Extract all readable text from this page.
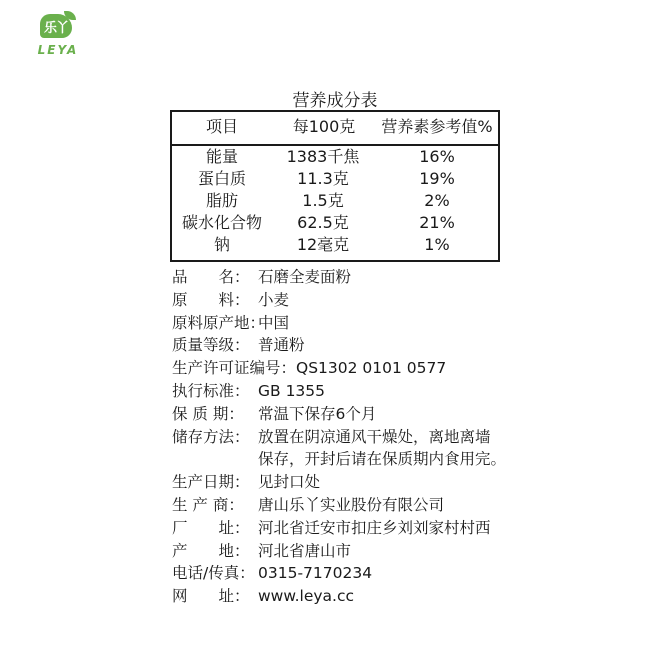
乐丫
LEYA
营养成分表
项目	每100克	营养素参考值%
能量	1383千焦	16%
蛋白质	11.3克	19%
脂肪	1.5克	2%
碳水化合物	62.5克	21%
钠	12毫克	1%
品　　名： 石磨全麦面粉
原　　料： 小麦
原料原产地：中国
质量等级： 普通粉
生产许可证编号：QS1302 0101 0577
执行标准： GB 1355
保 质 期： 常温下保存6个月
储存方法： 放置在阴凉通风干燥处，离地离墙
保存，开封后请在保质期内食用完。
生产日期： 见封口处
生 产 商： 唐山乐丫实业股份有限公司
厂　　址： 河北省迁安市扣庄乡刘刘家村村西
产　　地： 河北省唐山市
电话/传真： 0315-7170234
网　　址： www.leya.cc
